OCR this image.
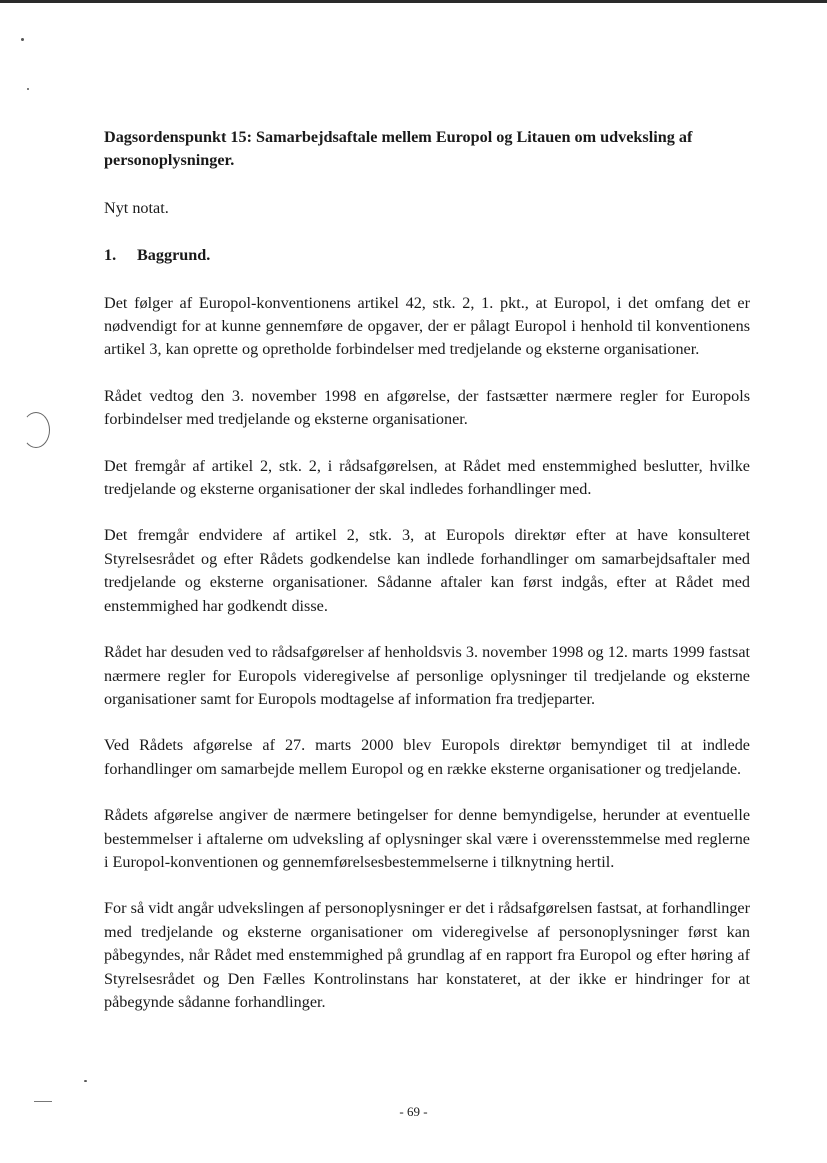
Dagsordenspunkt 15: Samarbejdsaftale mellem Europol og Litauen om udveksling af personoplysninger.
Nyt notat.
1. Baggrund.

Det følger af Europol-konventionens artikel 42, stk. 2, 1. pkt., at Europol, i det omfang det er nødvendigt for at kunne gennemføre de opgaver, der er pålagt Europol i henhold til konventionens artikel 3, kan oprette og opretholde forbindelser med tredjelande og eksterne organisationer.

Rådet vedtog den 3. november 1998 en afgørelse, der fastsætter nærmere regler for Europols forbindelser med tredjelande og eksterne organisationer.

Det fremgår af artikel 2, stk. 2, i rådsafgørelsen, at Rådet med enstemmighed beslutter, hvilke tredjelande og eksterne organisationer der skal indledes forhandlinger med.

Det fremgår endvidere af artikel 2, stk. 3, at Europols direktør efter at have konsulteret Styrelsesrådet og efter Rådets godkendelse kan indlede forhandlinger om samarbejdsaftaler med tredjelande og eksterne organisationer. Sådanne aftaler kan først indgås, efter at Rådet med enstemmighed har godkendt disse.

Rådet har desuden ved to rådsafgørelser af henholdsvis 3. november 1998 og 12. marts 1999 fastsat nærmere regler for Europols videregivelse af personlige oplysninger til tredjelande og eksterne organisationer samt for Europols modtagelse af information fra tredjeparter.

Ved Rådets afgørelse af 27. marts 2000 blev Europols direktør bemyndiget til at indlede forhandlinger om samarbejde mellem Europol og en række eksterne organisationer og tredjelande.

Rådets afgørelse angiver de nærmere betingelser for denne bemyndigelse, herunder at eventuelle bestemmelser i aftalerne om udveksling af oplysninger skal være i overensstemmelse med reglerne i Europol-konventionen og gennemførelsesbestemmelserne i tilknytning hertil.

For så vidt angår udvekslingen af personoplysninger er det i rådsafgørelsen fastsat, at forhandlinger med tredjelande og eksterne organisationer om videregivelse af personoplysninger først kan påbegyndes, når Rådet med enstemmighed på grundlag af en rapport fra Europol og efter høring af Styrelsesrådet og Den Fælles Kontrolinstans har konstateret, at der ikke er hindringer for at påbegynde sådanne forhandlinger.

- 69 -
